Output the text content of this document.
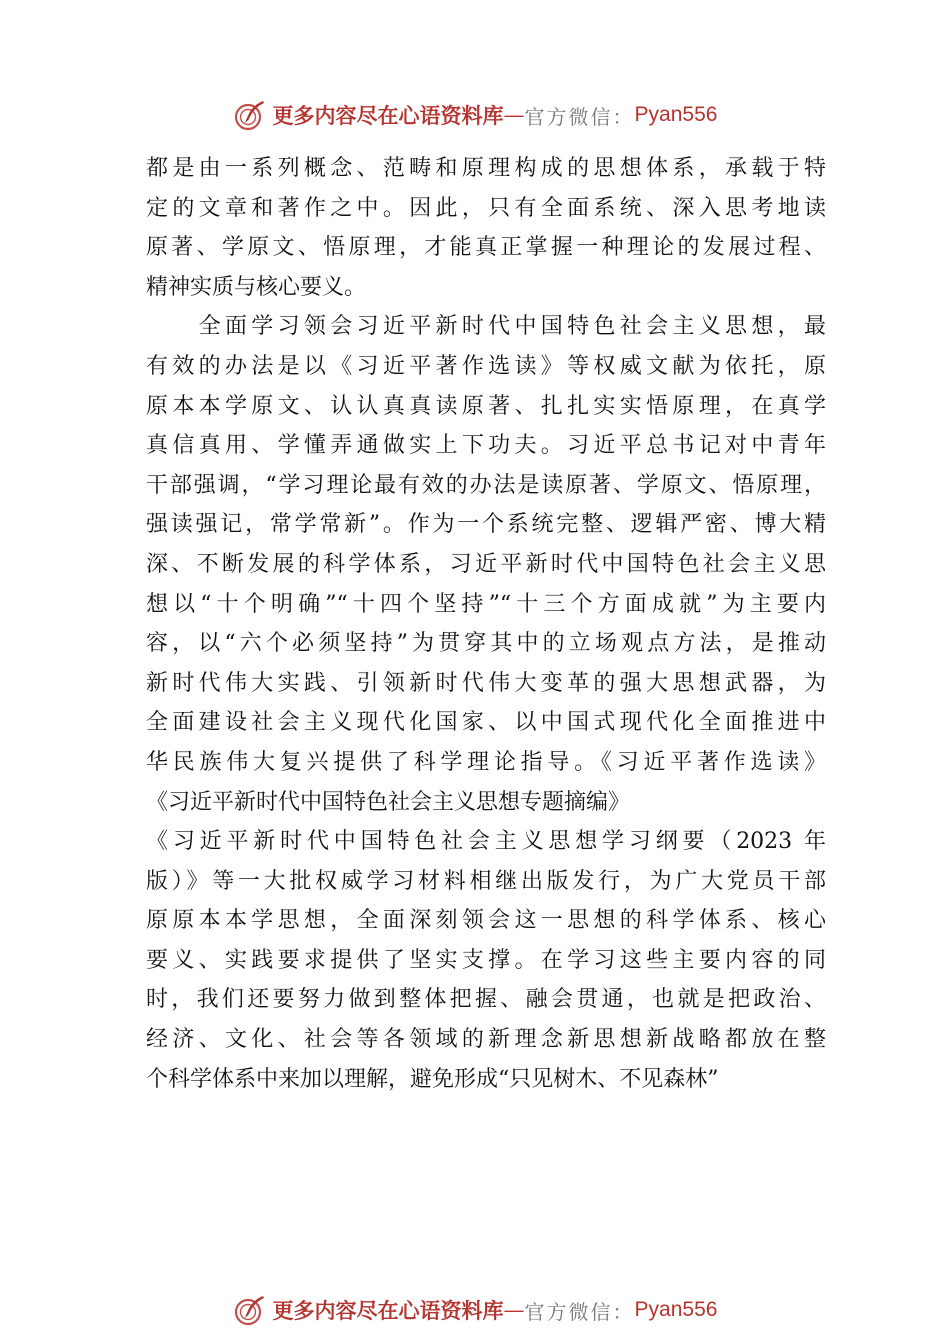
更多内容尽在心语资料库 — 官方微信： Pyan556
都是由一系列概念、范畴和原理构成的思想体系，承载于特
定的文章和著作之中。因此，只有全面系统、深入思考地读
原著、学原文、悟原理，才能真正掌握一种理论的发展过程、
精神实质与核心要义。
　　全面学习领会习近平新时代中国特色社会主义思想，最
有效的办法是以《习近平著作选读》等权威文献为依托，原
原本本学原文、认认真真读原著、扎扎实实悟原理，在真学
真信真用、学懂弄通做实上下功夫。习近平总书记对中青年
干部强调，“学习理论最有效的办法是读原著、学原文、悟原理，
强读强记，常学常新”。作为一个系统完整、逻辑严密、博大精
深、不断发展的科学体系，习近平新时代中国特色社会主义思
想以“十个明确”“十四个坚持”“十三个方面成就”为主要内
容，以“六个必须坚持”为贯穿其中的立场观点方法，是推动
新时代伟大实践、引领新时代伟大变革的强大思想武器，为
全面建设社会主义现代化国家、以中国式现代化全面推进中
华民族伟大复兴提供了科学理论指导。《习近平著作选读》
《习近平新时代中国特色社会主义思想专题摘编》
《习近平新时代中国特色社会主义思想学习纲要（2023 年
版）》等一大批权威学习材料相继出版发行，为广大党员干部
原原本本学思想，全面深刻领会这一思想的科学体系、核心
要义、实践要求提供了坚实支撑。在学习这些主要内容的同
时，我们还要努力做到整体把握、融会贯通，也就是把政治、
经济、文化、社会等各领域的新理念新思想新战略都放在整
个科学体系中来加以理解，避免形成“只见树木、不见森林”
更多内容尽在心语资料库 — 官方微信： Pyan556
